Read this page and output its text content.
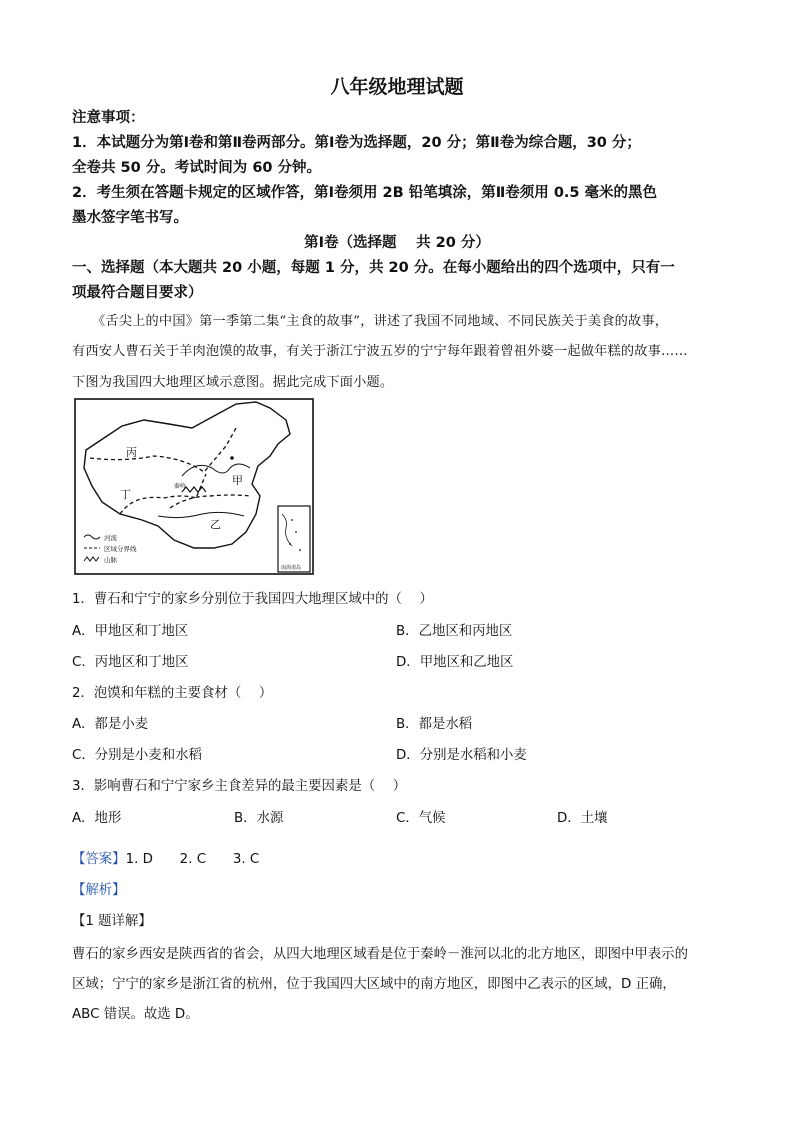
八年级地理试题
注意事项：
1．本试题分为第Ⅰ卷和第Ⅱ卷两部分。第Ⅰ卷为选择题，20 分；第Ⅱ卷为综合题，30 分；
全卷共 50 分。考试时间为 60 分钟。
2．考生须在答题卡规定的区域作答，第Ⅰ卷须用 2B 铅笔填涂，第Ⅱ卷须用 0.5 毫米的黑色
墨水签字笔书写。
第Ⅰ卷（选择题　 共 20 分）
一、选择题（本大题共 20 小题，每题 1 分，共 20 分。在每小题给出的四个选项中，只有一
项最符合题目要求）
《舌尖上的中国》第一季第二集“主食的故事”，讲述了我国不同地域、不同民族关于美食的故事，
有西安人曹石关于羊肉泡馍的故事，有关于浙江宁波五岁的宁宁每年跟着曾祖外婆一起做年糕的故事……
下图为我国四大地理区域示意图。据此完成下面小题。
丙
甲
丁
乙
秦岭
河流
区域分界线
山脉
南海诸岛
1．曹石和宁宁的家乡分别位于我国四大地理区域中的（　 ）
A．甲地区和丁地区	B．乙地区和丙地区
C．丙地区和丁地区	D．甲地区和乙地区
2．泡馍和年糕的主要食材（　 ）
A．都是小麦	B．都是水稻
C．分别是小麦和水稻	D．分别是水稻和小麦
3．影响曹石和宁宁家乡主食差异的最主要因素是（　 ）
A．地形	B．水源	C．气候	D．土壤
【答案】1. D　　2. C　　3. C
【解析】
【1 题详解】
曹石的家乡西安是陕西省的省会，从四大地理区域看是位于秦岭－淮河以北的北方地区，即图中甲表示的
区域；宁宁的家乡是浙江省的杭州，位于我国四大区域中的南方地区，即图中乙表示的区域，D 正确，
ABC 错误。故选 D。
